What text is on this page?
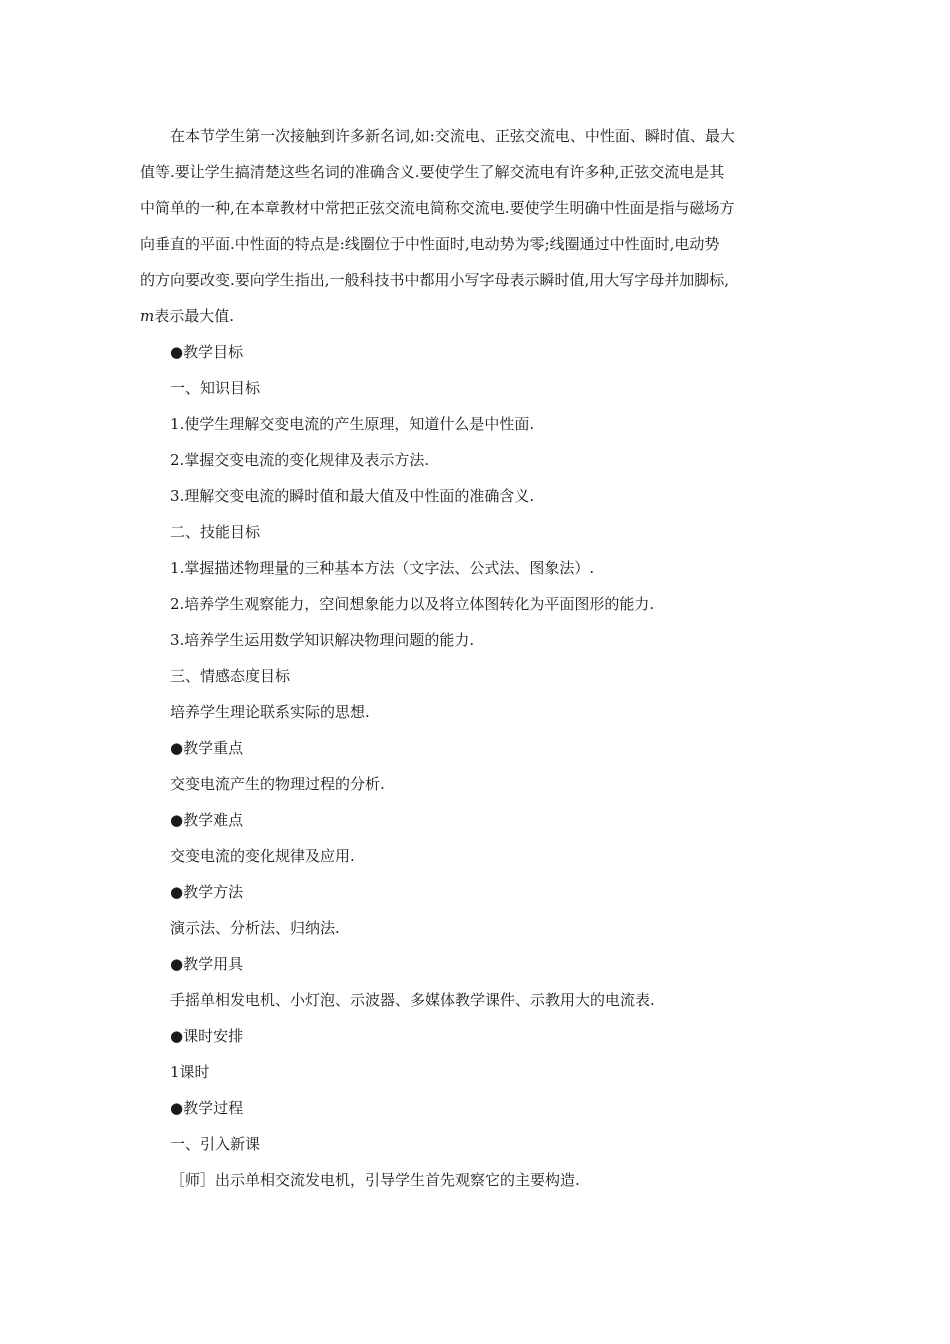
在本节学生第一次接触到许多新名词,如:交流电、正弦交流电、中性面、瞬时值、最大
值等.要让学生搞清楚这些名词的准确含义.要使学生了解交流电有许多种,正弦交流电是其
中简单的一种,在本章教材中常把正弦交流电简称交流电.要使学生明确中性面是指与磁场方
向垂直的平面.中性面的特点是:线圈位于中性面时,电动势为零;线圈通过中性面时,电动势
的方向要改变.要向学生指出,一般科技书中都用小写字母表示瞬时值,用大写字母并加脚标,
m表示最大值.
●教学目标
一、知识目标
1.使学生理解交变电流的产生原理，知道什么是中性面.
2.掌握交变电流的变化规律及表示方法.
3.理解交变电流的瞬时值和最大值及中性面的准确含义.
二、技能目标
1.掌握描述物理量的三种基本方法（文字法、公式法、图象法）.
2.培养学生观察能力，空间想象能力以及将立体图转化为平面图形的能力.
3.培养学生运用数学知识解决物理问题的能力.
三、情感态度目标
培养学生理论联系实际的思想.
●教学重点
交变电流产生的物理过程的分析.
●教学难点
交变电流的变化规律及应用.
●教学方法
演示法、分析法、归纳法.
●教学用具
手摇单相发电机、小灯泡、示波器、多媒体教学课件、示教用大的电流表.
●课时安排
1课时
●教学过程
一、引入新课
［师］出示单相交流发电机，引导学生首先观察它的主要构造.
